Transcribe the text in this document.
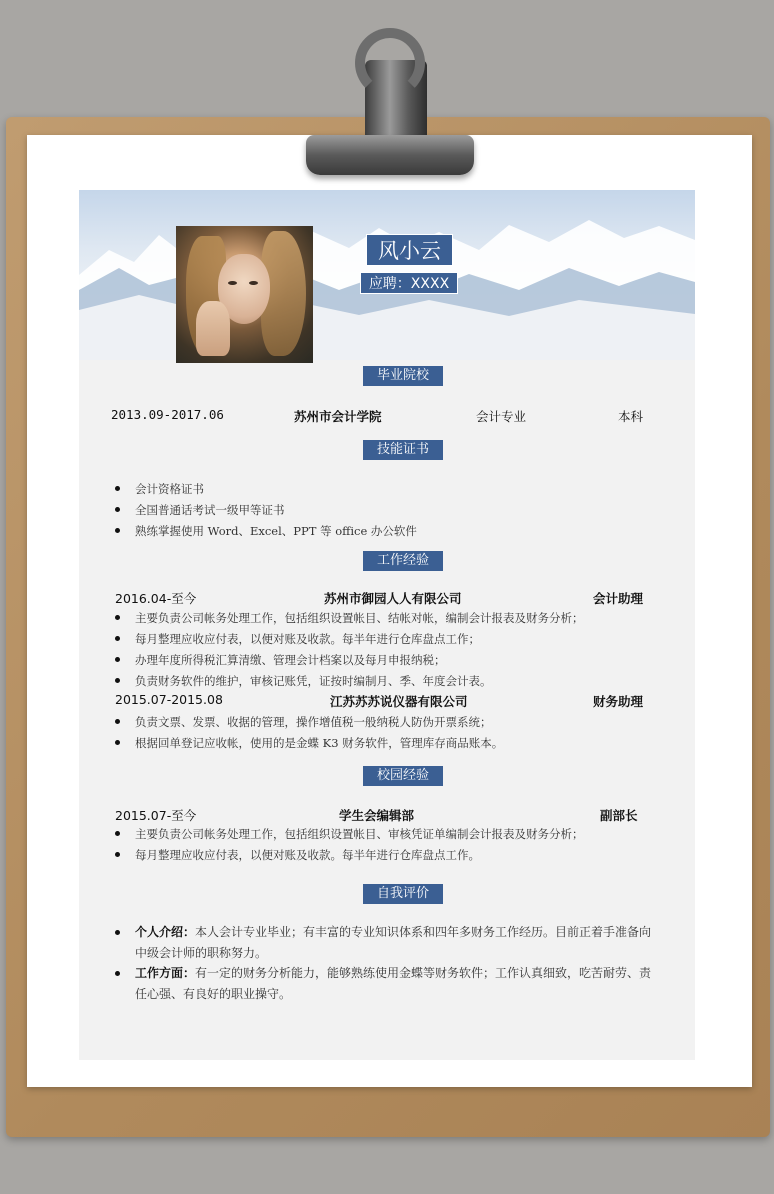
风小云
应聘：XXXX
毕业院校
2013.09-2017.06	苏州市会计学院	会计专业	本科
技能证书
会计资格证书
全国普通话考试一级甲等证书
熟练掌握使用 Word、Excel、PPT 等 office 办公软件
工作经验
2016.04-至今	苏州市御园人人有限公司	会计助理
主要负责公司帐务处理工作，包括组织设置帐目、结帐对帐，编制会计报表及财务分析；
每月整理应收应付表，以便对账及收款。每半年进行仓库盘点工作；
办理年度所得税汇算清缴、管理会计档案以及每月申报纳税；
负责财务软件的维护，审核记账凭，证按时编制月、季、年度会计表。
2015.07-2015.08	江苏苏苏说仪器有限公司	财务助理
负责文票、发票、收据的管理，操作增值税一般纳税人防伪开票系统；
根据回单登记应收帐，使用的是金蝶 K3 财务软件，管理库存商品账本。
校园经验
2015.07-至今	学生会编辑部	副部长
主要负责公司帐务处理工作，包括组织设置帐目、审核凭证单编制会计报表及财务分析；
每月整理应收应付表，以便对账及收款。每半年进行仓库盘点工作。
自我评价
个人介绍：本人会计专业毕业；有丰富的专业知识体系和四年多财务工作经历。目前正着手准备向中级会计师的职称努力。
工作方面：有一定的财务分析能力，能够熟练使用金蝶等财务软件；工作认真细致，吃苦耐劳、责任心强、有良好的职业操守。
